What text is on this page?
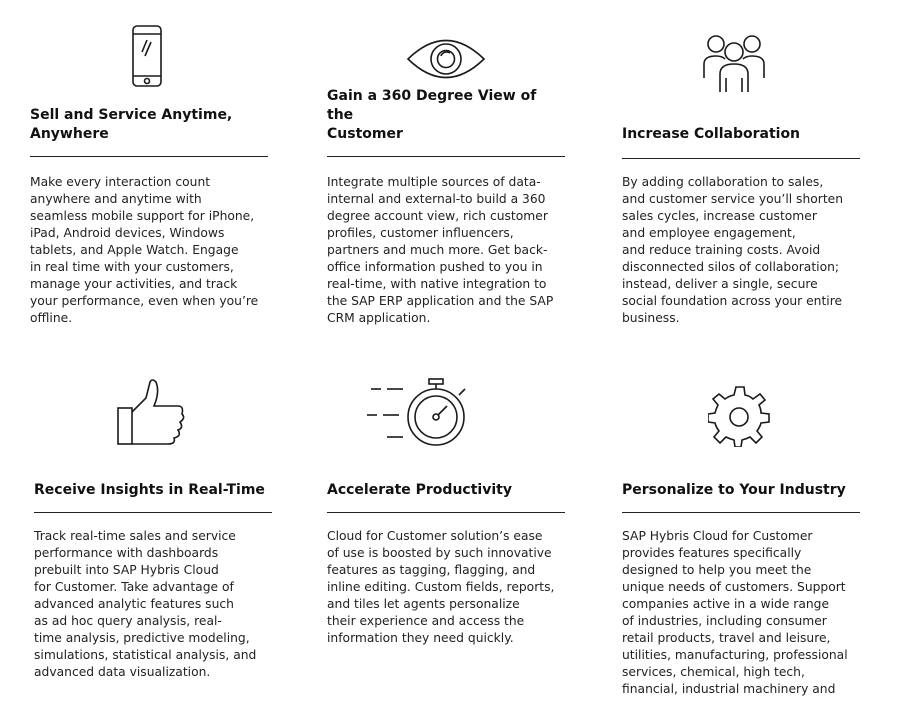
Sell and Service Anytime,
Anywhere
Make every interaction count
anywhere and anytime with
seamless mobile support for iPhone,
iPad, Android devices, Windows
tablets, and Apple Watch. Engage
in real time with your customers,
manage your activities, and track
your performance, even when you’re
offline.
Gain a 360 Degree View of the
Customer
Integrate multiple sources of data-
internal and external-to build a 360
degree account view, rich customer
profiles, customer influencers,
partners and much more. Get back-
office information pushed to you in
real-time, with native integration to
the SAP ERP application and the SAP
CRM application.
Increase Collaboration
By adding collaboration to sales,
and customer service you’ll shorten
sales cycles, increase customer
and employee engagement,
and reduce training costs. Avoid
disconnected silos of collaboration;
instead, deliver a single, secure
social foundation across your entire
business.
Receive Insights in Real-Time
Track real-time sales and service
performance with dashboards
prebuilt into SAP Hybris Cloud
for Customer. Take advantage of
advanced analytic features such
as ad hoc query analysis, real-
time analysis, predictive modeling,
simulations, statistical analysis, and
advanced data visualization.
Accelerate Productivity
Cloud for Customer solution’s ease
of use is boosted by such innovative
features as tagging, flagging, and
inline editing. Custom fields, reports,
and tiles let agents personalize
their experience and access the
information they need quickly.
Personalize to Your Industry
SAP Hybris Cloud for Customer
provides features specifically
designed to help you meet the
unique needs of customers. Support
companies active in a wide range
of industries, including consumer
retail products, travel and leisure,
utilities, manufacturing, professional
services, chemical, high tech,
financial, industrial machinery and
